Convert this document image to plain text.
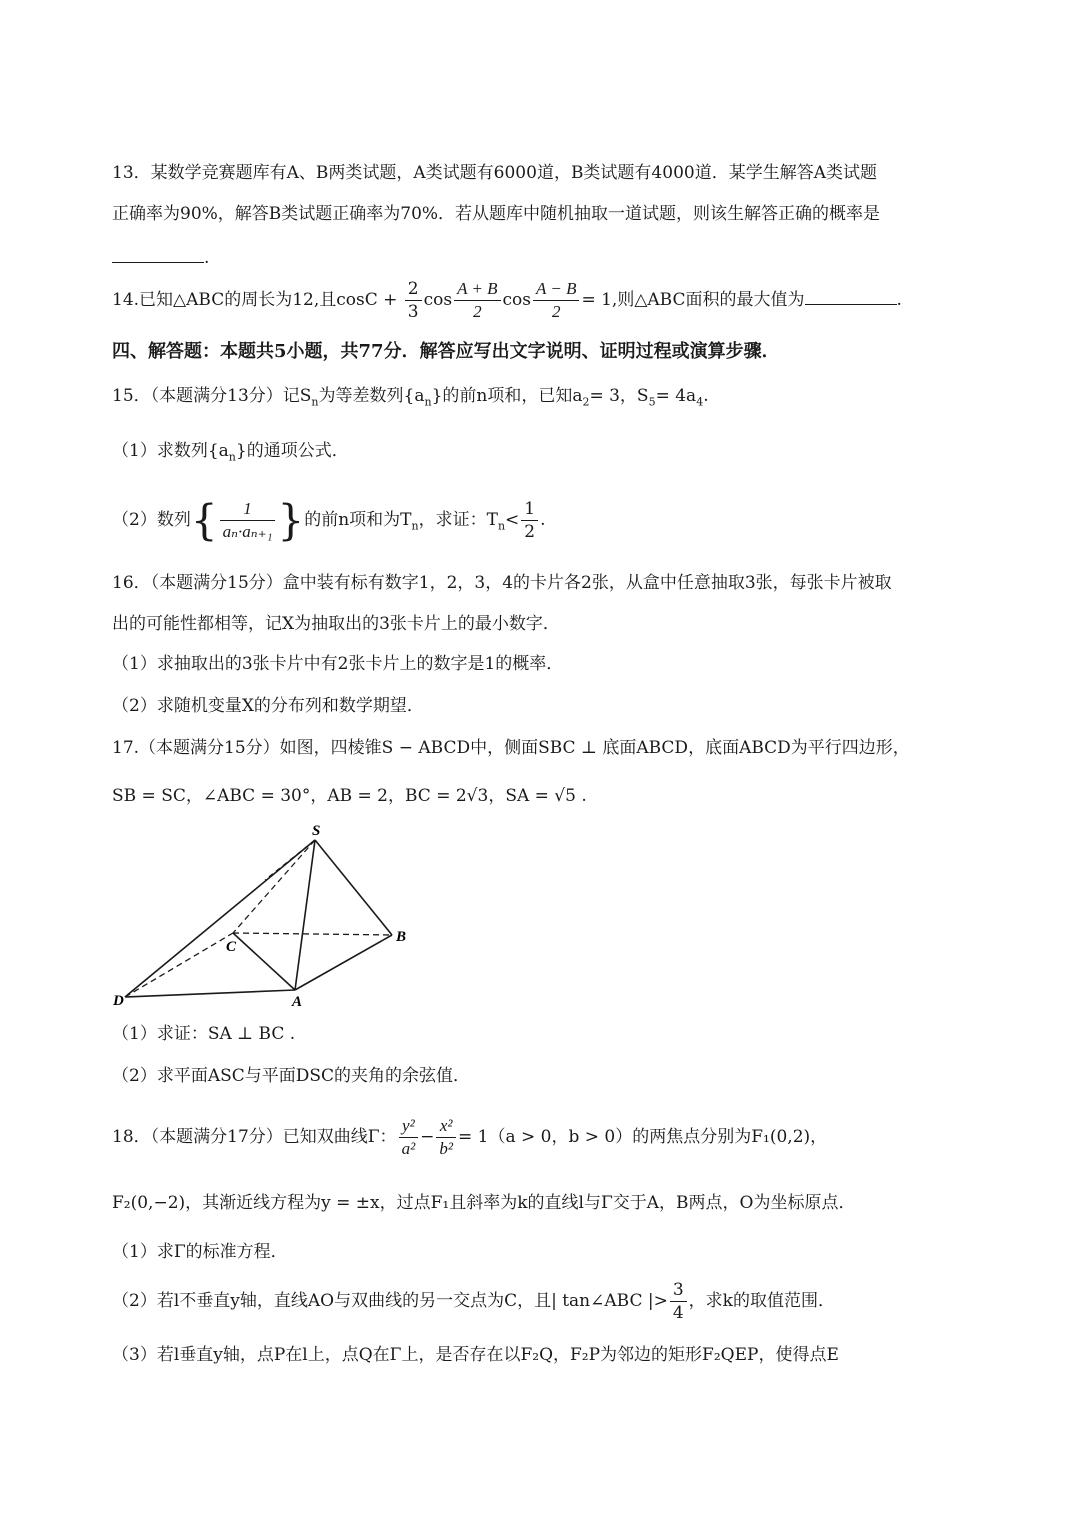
13．某数学竞赛题库有A、B两类试题，A类试题有6000道，B类试题有4000道．某学生解答A类试题
正确率为90%，解答B类试题正确率为70%．若从题库中随机抽取一道试题，则该生解答正确的概率是
.
14.已知△ABC的周长为12,且$\cos C + \frac{2}{3}$ $\cos \frac{A + B}{2}$ $\cos \frac{A - B}{2} = 1$,则△ABC面积的最大值为	.
四、解答题：本题共5小题，共77分．解答应写出文字说明、证明过程或演算步骤．
15．（本题满分13分）记$S_n$为等差数列$\{a_n\}$的前n项和，已知$a_2= 3$，$S_5= 4a_4$.
（1）求数列$\{a_n\}$的通项公式．
（2）数列{ $\frac{1}{\text{aₙ·aₙ₊₁}}$ }的前n项和为$T_n$，求证：$T_n< \frac{1}{2}$ .
16．（本题满分15分）盒中装有标有数字1，2，3，4的卡片各2张，从盒中任意抽取3张，每张卡片被取
出的可能性都相等，记X为抽取出的3张卡片上的最小数字．
（1）求抽取出的3张卡片中有2张卡片上的数字是1的概率．
（2）求随机变量X的分布列和数学期望．
17.（本题满分15分）如图，四棱锥S − ABCD中，侧面SBC ⊥ 底面ABCD，底面ABCD为平行四边形，
SB = SC，∠ABC = 30°，AB = 2，BC = 2√3，SA = √5 .
S
B
C
D	A
（1）求证：SA ⊥ BC .
（2）求平面ASC与平面DSC的夹角的余弦值．
18．（本题满分17分）已知双曲线Γ： $\frac{\text{y²}}{\text{a²}} - \frac{\text{x²}}{\text{b²}} = 1(a > 0$，b > 0）的两焦点分别为F₁(0,2)，
F₂(0,−2)，其渐近线方程为y = ±x，过点F₁且斜率为k的直线l与Γ交于A，B两点，O为坐标原点．
（1）求Γ的标准方程．
（2）若l不垂直y轴，直线AO与双曲线的另一交点为C，且| tan∠ABC |> $\frac{3}{4}$ ，求k的取值范围．
（3）若l垂直y轴，点P在l上，点Q在Γ上，是否存在以F₂Q，F₂P为邻边的矩形F₂QEP，使得点E
